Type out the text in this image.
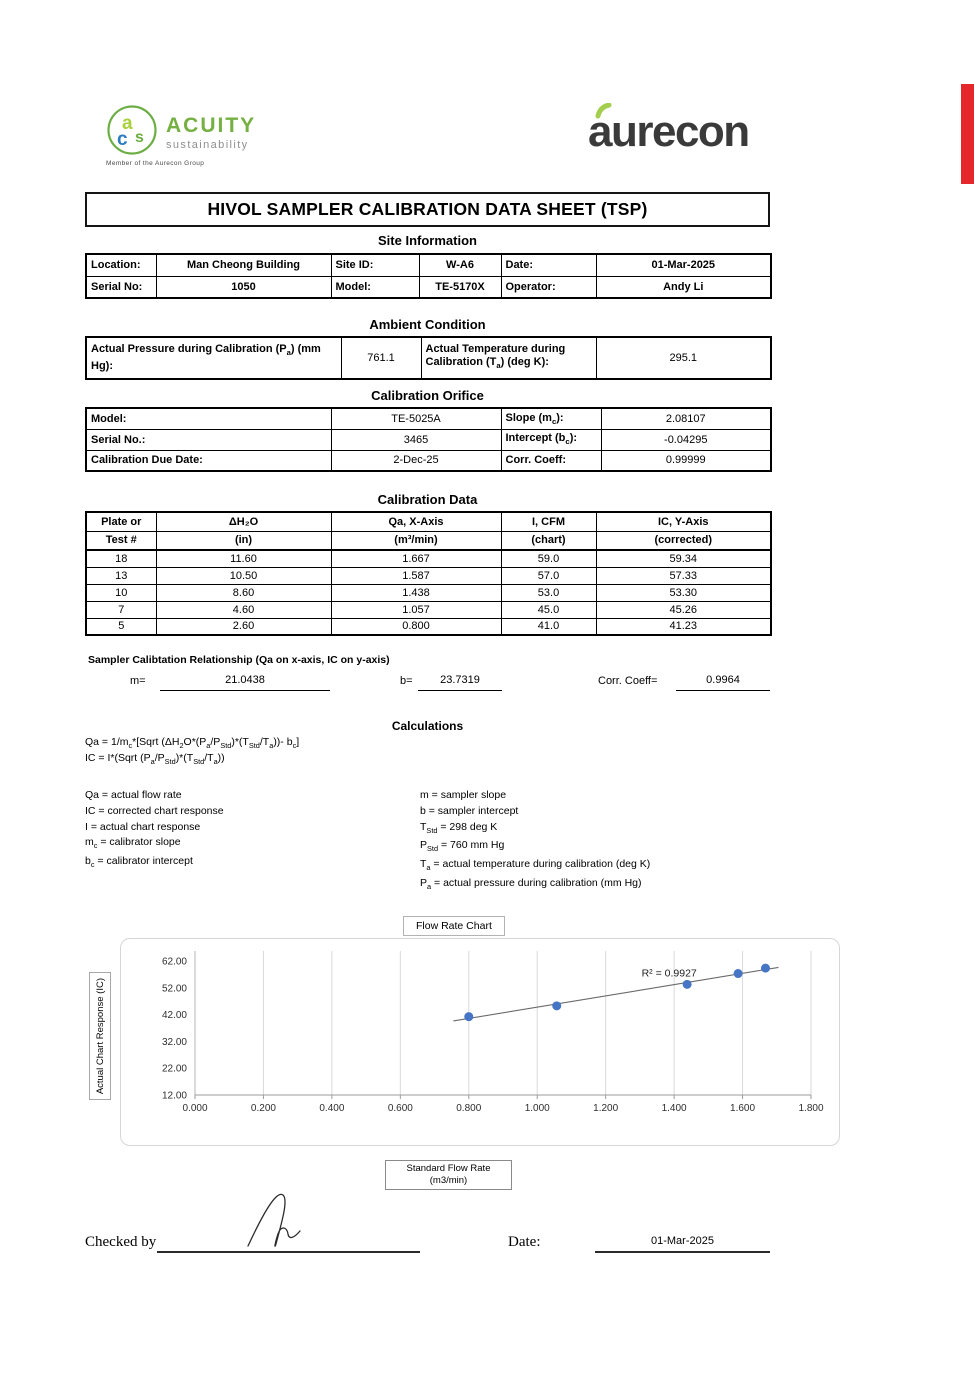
a
c s
ACUITY
sustainability
Member of the Aurecon Group
aurecon
HIVOL SAMPLER CALIBRATION DATA SHEET (TSP)
Site Information
Location:	Man Cheong Building	Site ID:	W-A6	Date:	01-Mar-2025
Serial No:	1050	Model:	TE-5170X	Operator:	Andy Li
Ambient Condition
Actual Pressure during Calibration $(P_a)$ (mm Hg):	761.1	Actual Temperature during Calibration $(T_a)$ (deg K):	295.1
Calibration Orifice
Model:	TE-5025A	Slope $(m_c)$:	2.08107
Serial No.:	3465	Intercept $(b_c)$:	-0.04295
Calibration Due Date:	2-Dec-25	Corr. Coeff:	0.99999
Calibration Data
Plate or	ΔH₂O	Qa, X-Axis	I, CFM	IC, Y-Axis
Test #	(in)	(m³/min)	(chart)	(corrected)
18	11.60	1.667	59.0	59.34
13	10.50	1.587	57.0	57.33
10	8.60	1.438	53.0	53.30
7	4.60	1.057	45.0	45.26
5	2.60	0.800	41.0	41.23
Sampler Calibtation Relationship (Qa on x-axis, IC on y-axis)
m=	21.0438	b=	23.7319	Corr. Coeff=	0.9964
Calculations
$Qa = 1/m_c*[Sqrt$ $(\Delta H_2O*(P_a/P_{Std})*(T_{Std}/T_a))-$ $b_c$]
IC = I*(Sqrt $(P_a/P_{Std})*(T_{Std}/T_a)$)
Qa = actual flow rate
IC = corrected chart response
I = actual chart response
$m_c$ = calibrator slope
$b_c$ = calibrator intercept
m = sampler slope
b = sampler intercept
$T_{Std} = 298$ deg K
$P_{Std} = 760$ mm Hg
$T_a$ = actual temperature during calibration (deg K)
$P_a$ = actual pressure during calibration (mm Hg)
Flow Rate Chart
0.000	0.200	0.400	0.600	0.800	1.000	1.200	1.400	1.600	1.800
62.00
52.00
42.00
32.00
22.00
12.00
R² = 0.9927
Actual Chart Response (IC)
Standard Flow Rate
(m3/min)
Checked by	Date:	01-Mar-2025
